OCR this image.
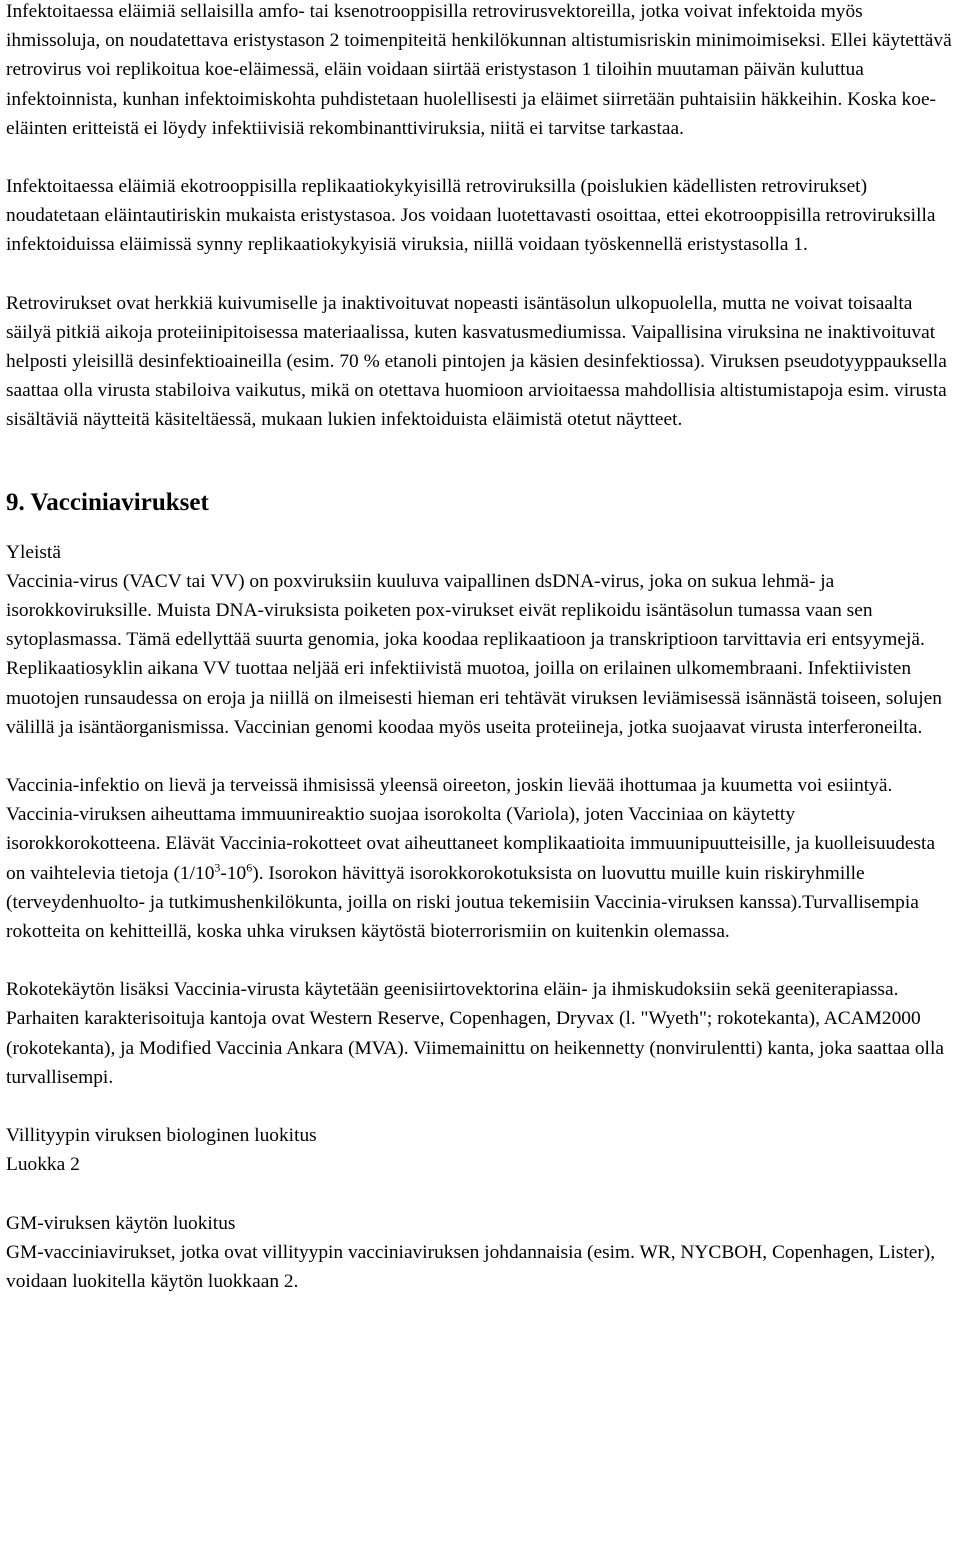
Infektoitaessa eläimiä sellaisilla amfo- tai ksenotrooppisilla retrovirusvektoreilla, jotka voivat infektoida myös ihmissoluja, on noudatettava eristystason 2 toimenpiteitä henkilökunnan altistumisriskin minimoimiseksi. Ellei käytettävä retrovirus voi replikoitua koe-eläimessä, eläin voidaan siirtää eristystason 1 tiloihin muutaman päivän kuluttua infektoinnista, kunhan infektoimiskohta puhdistetaan huolellisesti ja eläimet siirretään puhtaisiin häkkeihin. Koska koe-eläinten eritteistä ei löydy infektiivisiä rekombinanttiviruksia, niitä ei tarvitse tarkastaa.

Infektoitaessa eläimiä ekotrooppisilla replikaatiokykyisillä retroviruksilla (poislukien kädellisten retrovirukset) noudatetaan eläintautiriskin mukaista eristystasoa. Jos voidaan luotettavasti osoittaa, ettei ekotrooppisilla retroviruksilla infektoiduissa eläimissä synny replikaatiokykyisiä viruksia, niillä voidaan työskennellä eristystasolla 1.

Retrovirukset ovat herkkiä kuivumiselle ja inaktivoituvat nopeasti isäntäsolun ulkopuolella, mutta ne voivat toisaalta säilyä pitkiä aikoja proteiinipitoisessa materiaalissa, kuten kasvatusmediumissa. Vaipallisina viruksina ne inaktivoituvat helposti yleisillä desinfektioaineilla (esim. 70 % etanoli pintojen ja käsien desinfektiossa). Viruksen pseudotyyppauksella saattaa olla virusta stabiloiva vaikutus, mikä on otettava huomioon arvioitaessa mahdollisia altistumistapoja esim. virusta sisältäviä näytteitä käsiteltäessä, mukaan lukien infektoiduista eläimistä otetut näytteet.

9. Vacciniavirukset

Yleistä

Vaccinia-virus (VACV tai VV) on poxviruksiin kuuluva vaipallinen dsDNA-virus, joka on sukua lehmä- ja isorokkoviruksille. Muista DNA-viruksista poiketen pox-virukset eivät replikoidu isäntäsolun tumassa vaan sen sytoplasmassa. Tämä edellyttää suurta genomia, joka koodaa replikaatioon ja transkriptioon tarvittavia eri entsyymejä. Replikaatiosyklin aikana VV tuottaa neljää eri infektiivistä muotoa, joilla on erilainen ulkomembraani. Infektiivisten muotojen runsaudessa on eroja ja niillä on ilmeisesti hieman eri tehtävät viruksen leviämisessä isännästä toiseen, solujen välillä ja isäntäorganismissa. Vaccinian genomi koodaa myös useita proteiineja, jotka suojaavat virusta interferoneilta.

Vaccinia-infektio on lievä ja terveissä ihmisissä yleensä oireeton, joskin lievää ihottumaa ja kuumetta voi esiintyä. Vaccinia-viruksen aiheuttama immuunireaktio suojaa isorokolta (Variola), joten Vacciniaa on käytetty isorokkorokotteena. Elävät Vaccinia-rokotteet ovat aiheuttaneet komplikaatioita immuunipuutteisille, ja kuolleisuudesta on vaihtelevia tietoja $(1/10^3-10^6)$. Isorokon hävittyä isorokkorokotuksista on luovuttu muille kuin riskiryhmille (terveydenhuolto- ja tutkimushenkilökunta, joilla on riski joutua tekemisiin Vaccinia-viruksen kanssa).Turvallisempia rokotteita on kehitteillä, koska uhka viruksen käytöstä bioterrorismiin on kuitenkin olemassa.

Rokotekäytön lisäksi Vaccinia-virusta käytetään geenisiirtovektorina eläin- ja ihmiskudoksiin sekä geeniterapiassa. Parhaiten karakterisoituja kantoja ovat Western Reserve, Copenhagen, Dryvax (l. "Wyeth"; rokotekanta), ACAM2000 (rokotekanta), ja Modified Vaccinia Ankara (MVA). Viimemainittu on heikennetty (nonvirulentti) kanta, joka saattaa olla turvallisempi.

Villityypin viruksen biologinen luokitus

Luokka 2

GM-viruksen käytön luokitus

GM-vacciniavirukset, jotka ovat villityypin vacciniaviruksen johdannaisia (esim. WR, NYCBOH, Copenhagen, Lister), voidaan luokitella käytön luokkaan 2.
